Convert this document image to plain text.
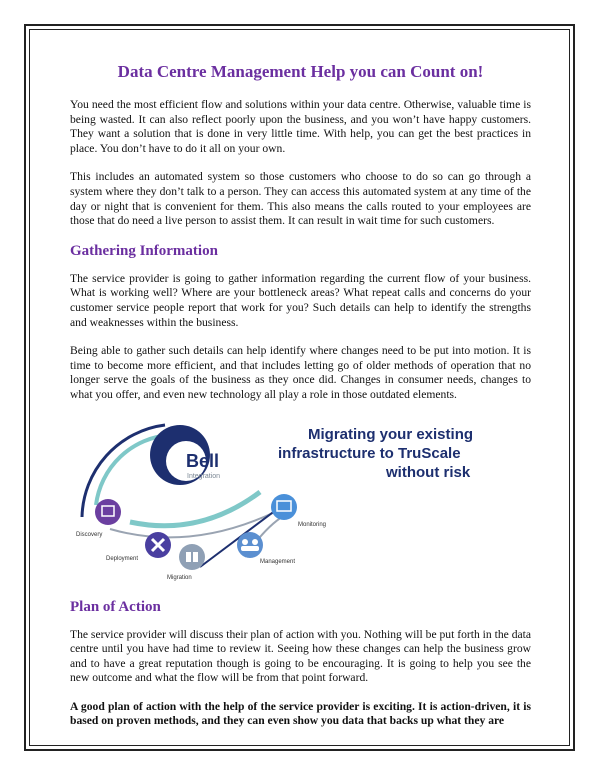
Data Centre Management Help you can Count on!

You need the most efficient flow and solutions within your data centre. Otherwise, valuable time is being wasted. It can also reflect poorly upon the business, and you won’t have happy customers. They want a solution that is done in very little time. With help, you can get the best practices in place. You don’t have to do it all on your own.

This includes an automated system so those customers who choose to do so can go through a system where they don’t talk to a person. They can access this automated system at any time of the day or night that is convenient for them. This also means the calls routed to your employees are those that do need a live person to assist them. It can result in wait time for such customers.

Gathering Information

The service provider is going to gather information regarding the current flow of your business. What is working well? Where are your bottleneck areas? What repeat calls and concerns do your customer service people report that work for you? Such details can help to identify the strengths and weaknesses within the business.

Being able to gather such details can help identify where changes need to be put into motion. It is time to become more efficient, and that includes letting go of older methods of operation that no longer serve the goals of the business as they once did. Changes in consumer needs, changes to what you offer, and even new technology all play a role in those outdated elements.

Bell
Integration
Migrating your existing
infrastructure to TruScale
without risk
Discovery
Deployment
Migration
Management
Monitoring
Plan of Action

The service provider will discuss their plan of action with you. Nothing will be put forth in the data centre until you have had time to review it. Seeing how these changes can help the business grow and to have a great reputation though is going to be encouraging. It is going to help you see the new outcome and what the flow will be from that point forward.

A good plan of action with the help of the service provider is exciting. It is action-driven, it is based on proven methods, and they can even show you data that backs up what they are
